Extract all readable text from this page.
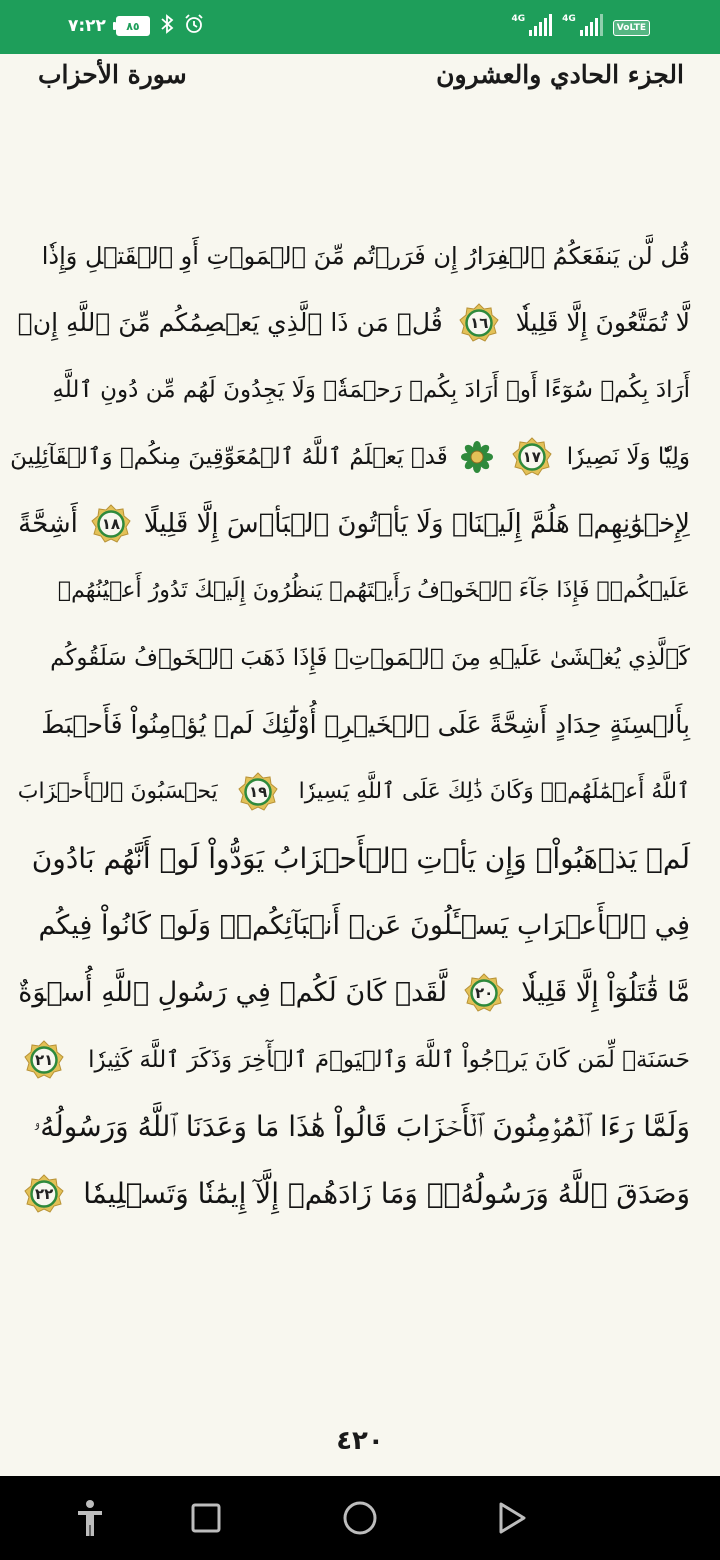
٧:٢٢ ٨٥
4G	4G
VoLTE
الجزء الحادي والعشرون
سورة الأحزاب
قُل لَّن يَنفَعَكُمُ ٱلۡفِرَارُ إِن فَرَرۡتُم مِّنَ ٱلۡمَوۡتِ أَوِ ٱلۡقَتۡلِ وَإِذٗا
لَّا تُمَتَّعُونَ إِلَّا قَلِيلٗا
١٦
قُلۡ مَن ذَا ٱلَّذِي يَعۡصِمُكُم مِّنَ ٱللَّهِ إِنۡ
أَرَادَ بِكُمۡ سُوٓءًا أَوۡ أَرَادَ بِكُمۡ رَحۡمَةٗۚ وَلَا يَجِدُونَ لَهُم مِّن دُونِ ٱللَّهِ
وَلِيّٗا وَلَا نَصِيرٗا
١٧
قَدۡ يَعۡلَمُ ٱللَّهُ ٱلۡمُعَوِّقِينَ مِنكُمۡ وَٱلۡقَآئِلِينَ
لِإِخۡوَٰنِهِمۡ هَلُمَّ إِلَيۡنَاۖ وَلَا يَأۡتُونَ ٱلۡبَأۡسَ إِلَّا قَلِيلًا
١٨
أَشِحَّةً
عَلَيۡكُمۡۖ فَإِذَا جَآءَ ٱلۡخَوۡفُ رَأَيۡتَهُمۡ يَنظُرُونَ إِلَيۡكَ تَدُورُ أَعۡيُنُهُمۡ
كَٱلَّذِي يُغۡشَىٰ عَلَيۡهِ مِنَ ٱلۡمَوۡتِۖ فَإِذَا ذَهَبَ ٱلۡخَوۡفُ سَلَقُوكُم
بِأَلۡسِنَةٍ حِدَادٍ أَشِحَّةً عَلَى ٱلۡخَيۡرِۚ أُوْلَٰٓئِكَ لَمۡ يُؤۡمِنُواْ فَأَحۡبَطَ
ٱللَّهُ أَعۡمَٰلَهُمۡۚ وَكَانَ ذَٰلِكَ عَلَى ٱللَّهِ يَسِيرٗا
١٩
يَحۡسَبُونَ ٱلۡأَحۡزَابَ
لَمۡ يَذۡهَبُواْۖ وَإِن يَأۡتِ ٱلۡأَحۡزَابُ يَوَدُّواْ لَوۡ أَنَّهُم بَادُونَ
فِي ٱلۡأَعۡرَابِ يَسۡـَٔلُونَ عَنۡ أَنۢبَآئِكُمۡۖ وَلَوۡ كَانُواْ فِيكُم
مَّا قَٰتَلُوٓاْ إِلَّا قَلِيلٗا
٢٠
لَّقَدۡ كَانَ لَكُمۡ فِي رَسُولِ ٱللَّهِ أُسۡوَةٌ
حَسَنَةٞ لِّمَن كَانَ يَرۡجُواْ ٱللَّهَ وَٱلۡيَوۡمَ ٱلۡأٓخِرَ وَذَكَرَ ٱللَّهَ كَثِيرٗا
٢١
وَلَمَّا رَءَا ٱلۡمُؤۡمِنُونَ ٱلۡأَحۡزَابَ قَالُواْ هَٰذَا مَا وَعَدَنَا ٱللَّهُ وَرَسُولُهُۥ
وَصَدَقَ ٱللَّهُ وَرَسُولُهُۥۚ وَمَا زَادَهُمۡ إِلَّآ إِيمَٰنٗا وَتَسۡلِيمٗا
٢٢
٤٢٠
